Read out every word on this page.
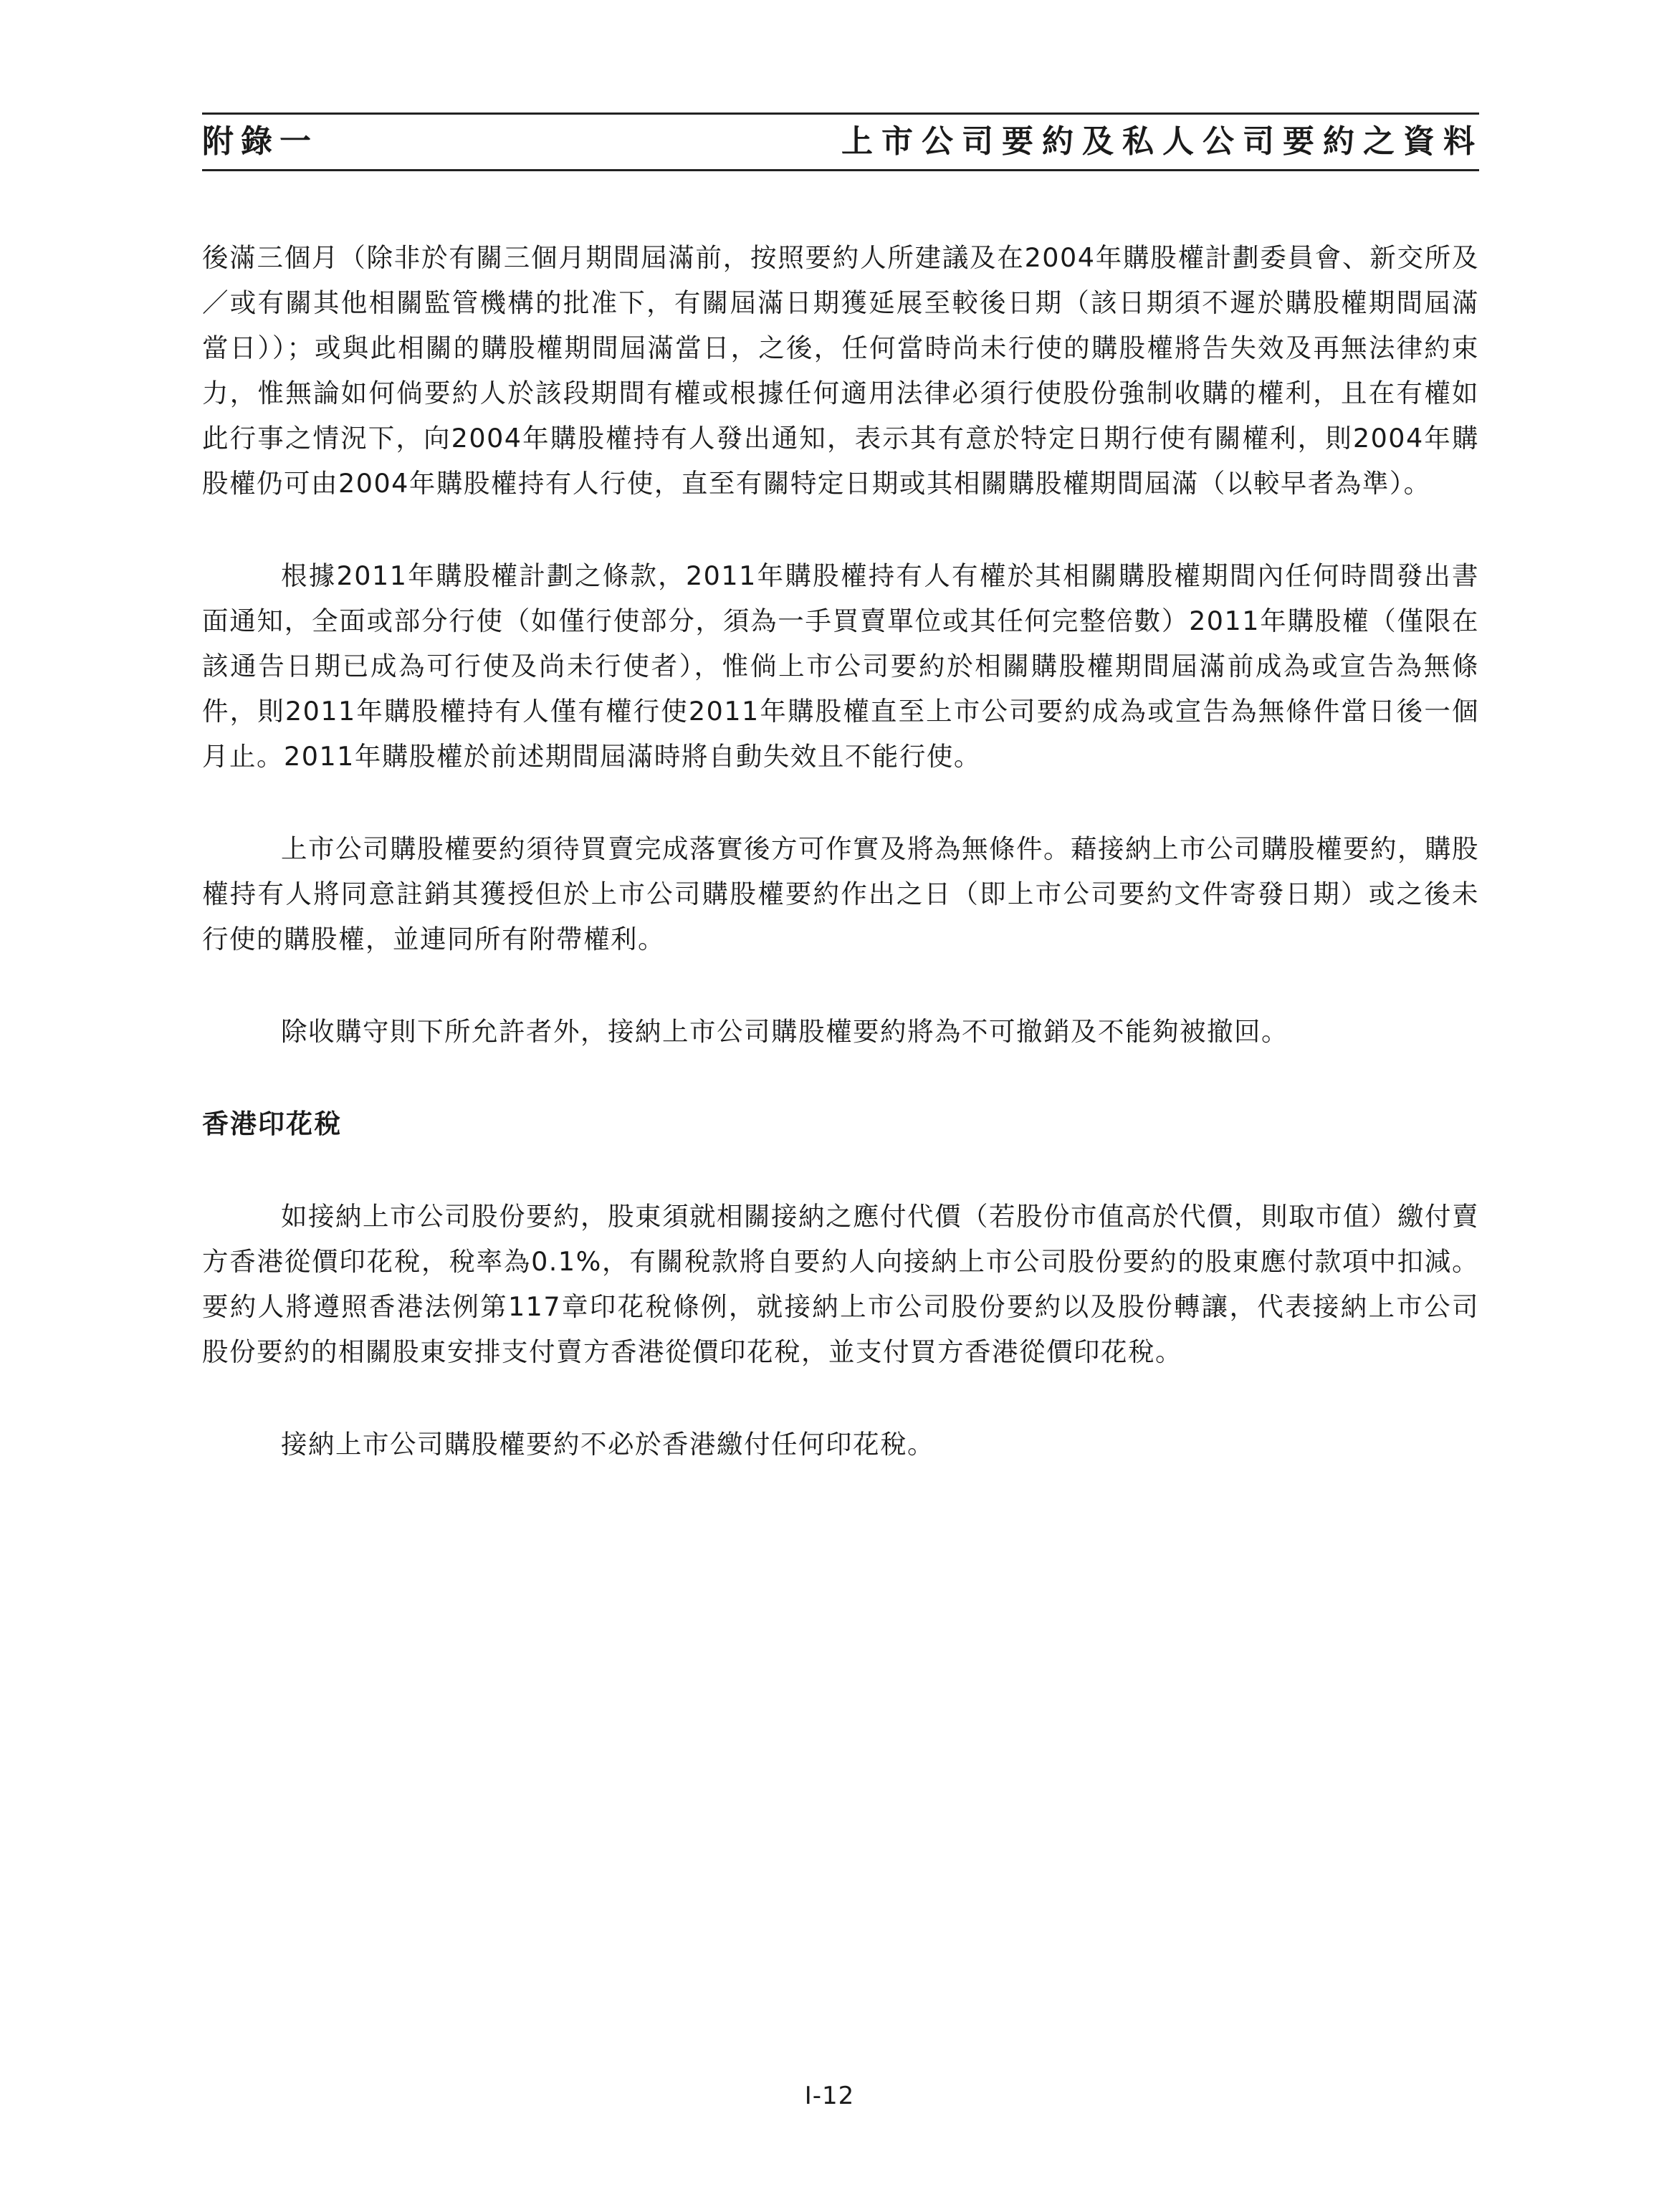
附錄一	上市公司要約及私人公司要約之資料

後滿三個月（除非於有關三個月期間屆滿前，按照要約人所建議及在2004年購股權計劃委員會、新交所及／或有關其他相關監管機構的批准下，有關屆滿日期獲延展至較後日期（該日期須不遲於購股權期間屆滿當日））；或與此相關的購股權期間屆滿當日，之後，任何當時尚未行使的購股權將告失效及再無法律約束力，惟無論如何倘要約人於該段期間有權或根據任何適用法律必須行使股份強制收購的權利，且在有權如此行事之情況下，向2004年購股權持有人發出通知，表示其有意於特定日期行使有關權利，則2004年購股權仍可由2004年購股權持有人行使，直至有關特定日期或其相關購股權期間屆滿（以較早者為準）。

根據2011年購股權計劃之條款，2011年購股權持有人有權於其相關購股權期間內任何時間發出書面通知，全面或部分行使（如僅行使部分，須為一手買賣單位或其任何完整倍數）2011年購股權（僅限在該通告日期已成為可行使及尚未行使者），惟倘上市公司要約於相關購股權期間屆滿前成為或宣告為無條件，則2011年購股權持有人僅有權行使2011年購股權直至上市公司要約成為或宣告為無條件當日後一個月止。2011年購股權於前述期間屆滿時將自動失效且不能行使。

上市公司購股權要約須待買賣完成落實後方可作實及將為無條件。藉接納上市公司購股權要約，購股權持有人將同意註銷其獲授但於上市公司購股權要約作出之日（即上市公司要約文件寄發日期）或之後未行使的購股權，並連同所有附帶權利。

除收購守則下所允許者外，接納上市公司購股權要約將為不可撤銷及不能夠被撤回。

香港印花稅

如接納上市公司股份要約，股東須就相關接納之應付代價（若股份市值高於代價，則取市值）繳付賣方香港從價印花稅，稅率為0.1%，有關稅款將自要約人向接納上市公司股份要約的股東應付款項中扣減。要約人將遵照香港法例第117章印花稅條例，就接納上市公司股份要約以及股份轉讓，代表接納上市公司股份要約的相關股東安排支付賣方香港從價印花稅，並支付買方香港從價印花稅。

接納上市公司購股權要約不必於香港繳付任何印花稅。

I-12
